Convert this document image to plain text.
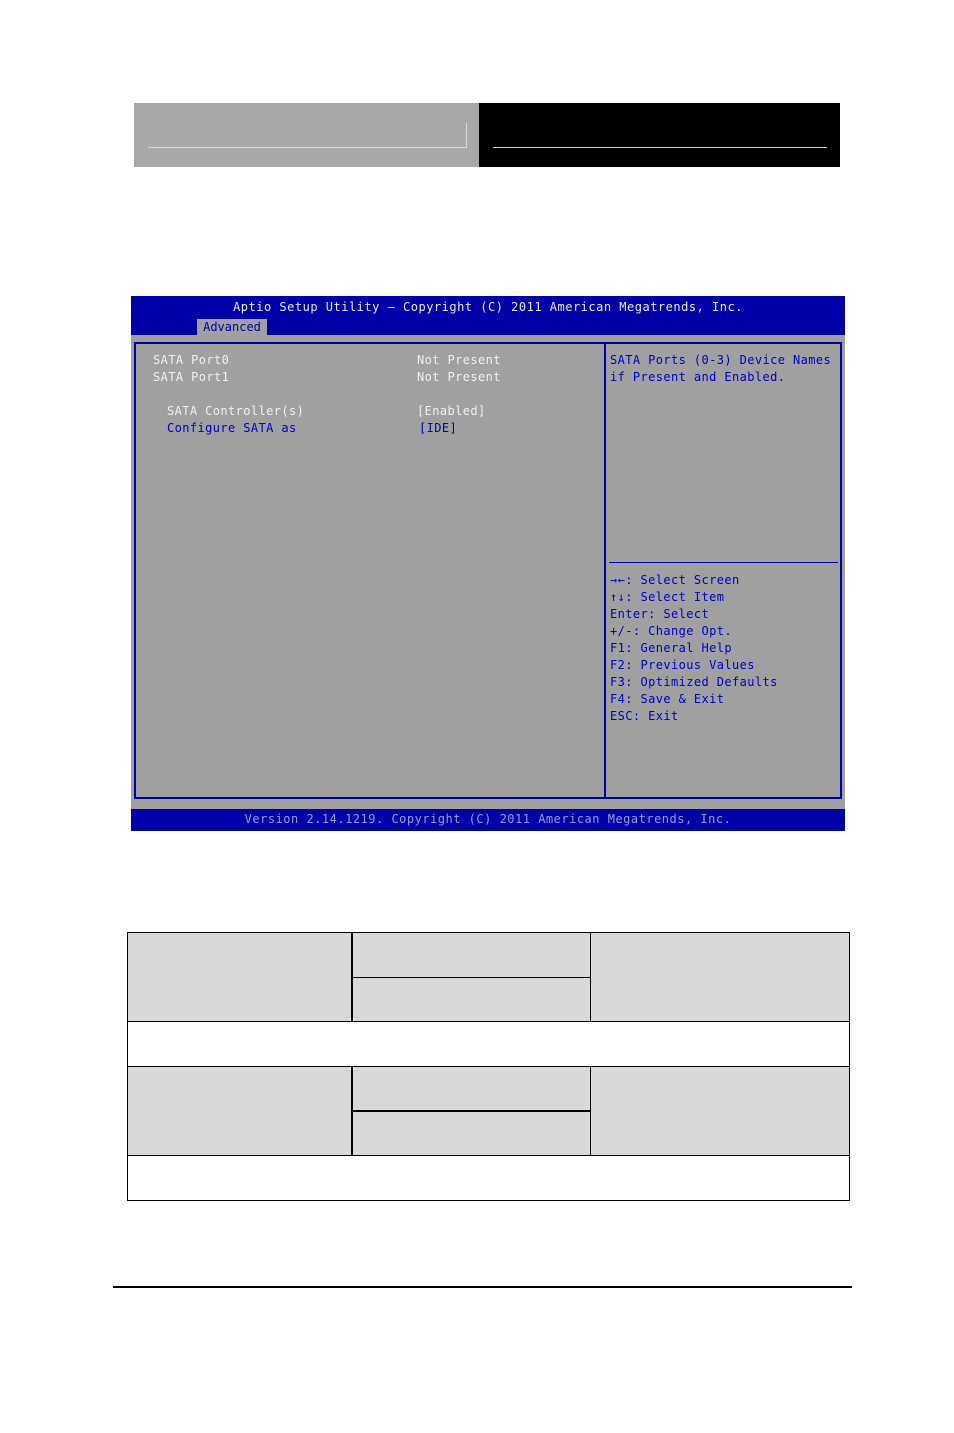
Aptio Setup Utility – Copyright (C) 2011 American Megatrends, Inc.
Advanced
SATA Port0	Not Present
SATA Port1	Not Present
SATA Controller(s)	[Enabled]
Configure SATA as	[IDE]
SATA Ports (0-3) Device Names
if Present and Enabled.
→←: Select Screen
↑↓: Select Item
Enter: Select
+/-: Change Opt.
F1: General Help
F2: Previous Values
F3: Optimized Defaults
F4: Save & Exit
ESC: Exit
Version 2.14.1219. Copyright (C) 2011 American Megatrends, Inc.
